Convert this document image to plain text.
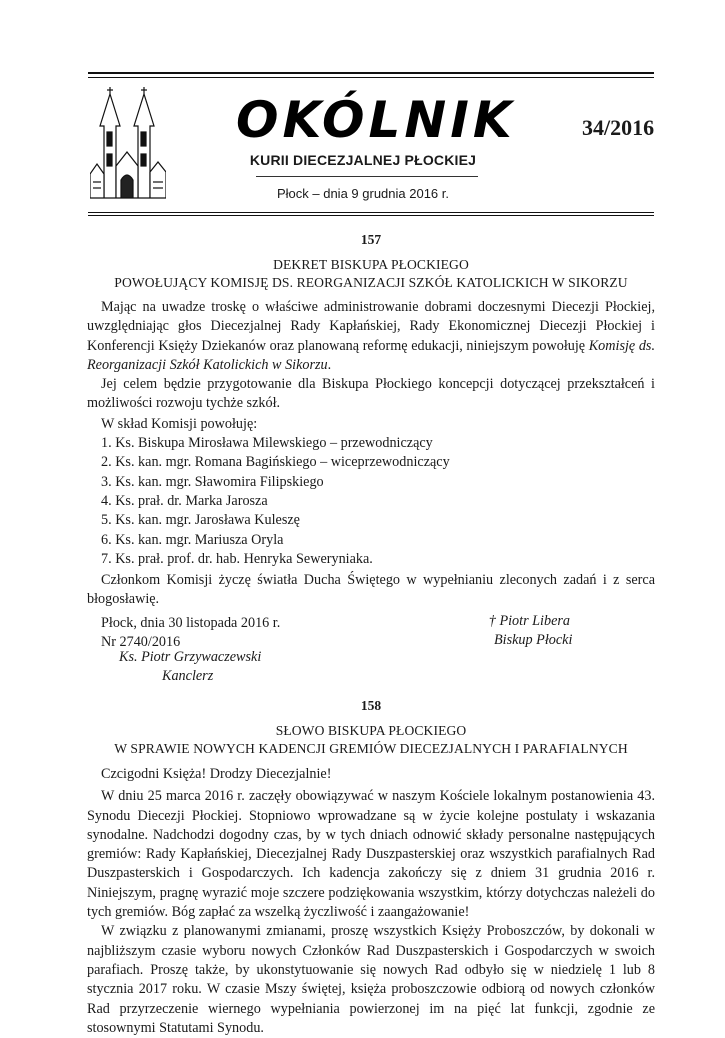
OKÓLNIK	34/2016
KURII DIECEZJALNEJ PŁOCKIEJ
Płock – dnia 9 grudnia 2016 r.
157
DEKRET BISKUPA PŁOCKIEGO
POWOŁUJĄCY KOMISJĘ DS. REORGANIZACJI SZKÓŁ KATOLICKICH W SIKORZU

Mając na uwadze troskę o właściwe administrowanie dobrami doczesnymi Diecezji Płockiej, uwzględniając głos Diecezjalnej Rady Kapłańskiej, Rady Ekonomicznej Diecezji Płockiej i Konferencji Księży Dziekanów oraz planowaną reformę edukacji, niniejszym powołuję Komisję ds. Reorganizacji Szkół Katolickich w Sikorzu.

Jej celem będzie przygotowanie dla Biskupa Płockiego koncepcji dotyczącej przekształceń i możliwości rozwoju tychże szkół.

W skład Komisji powołuję:

1. Ks. Biskupa Mirosława Milewskiego – przewodniczący

2. Ks. kan. mgr. Romana Bagińskiego – wiceprzewodniczący

3. Ks. kan. mgr. Sławomira Filipskiego

4. Ks. prał. dr. Marka Jarosza

5. Ks. kan. mgr. Jarosława Kuleszę

6. Ks. kan. mgr. Mariusza Oryla

7. Ks. prał. prof. dr. hab. Henryka Seweryniaka.

Członkom Komisji życzę światła Ducha Świętego w wypełnianiu zleconych zadań i z serca błogosławię.

Płock, dnia 30 listopada 2016 r.

Nr 2740/2016

† Piotr Libera
Biskup Płocki
Ks. Piotr Grzywaczewski
Kanclerz
158
SŁOWO BISKUPA PŁOCKIEGO
W SPRAWIE NOWYCH KADENCJI GREMIÓW DIECEZJALNYCH I PARAFIALNYCH

Czcigodni Księża! Drodzy Diecezjalnie!

W dniu 25 marca 2016 r. zaczęły obowiązywać w naszym Kościele lokalnym postanowienia 43. Synodu Diecezji Płockiej. Stopniowo wprowadzane są w życie kolejne postulaty i wskazania synodalne. Nadchodzi dogodny czas, by w tych dniach odnowić składy personalne następujących gremiów: Rady Kapłańskiej, Diecezjalnej Rady Duszpasterskiej oraz wszystkich parafialnych Rad Duszpasterskich i Gospodarczych. Ich kadencja zakończy się z dniem 31 grudnia 2016 r. Niniejszym, pragnę wyrazić moje szczere podziękowania wszystkim, którzy dotychczas należeli do tych gremiów. Bóg zapłać za wszelką życzliwość i zaangażowanie!

W związku z planowanymi zmianami, proszę wszystkich Księży Proboszczów, by dokonali w najbliższym czasie wyboru nowych Członków Rad Duszpasterskich i Gospodarczych w swoich parafiach. Proszę także, by ukonstytuowanie się nowych Rad odbyło się w niedzielę 1 lub 8 stycznia 2017 roku. W czasie Mszy świętej, księża proboszczowie odbiorą od nowych członków Rad przyrzeczenie wiernego wypełniania powierzonej im na pięć lat funkcji, zgodnie ze stosownymi Statutami Synodu.
